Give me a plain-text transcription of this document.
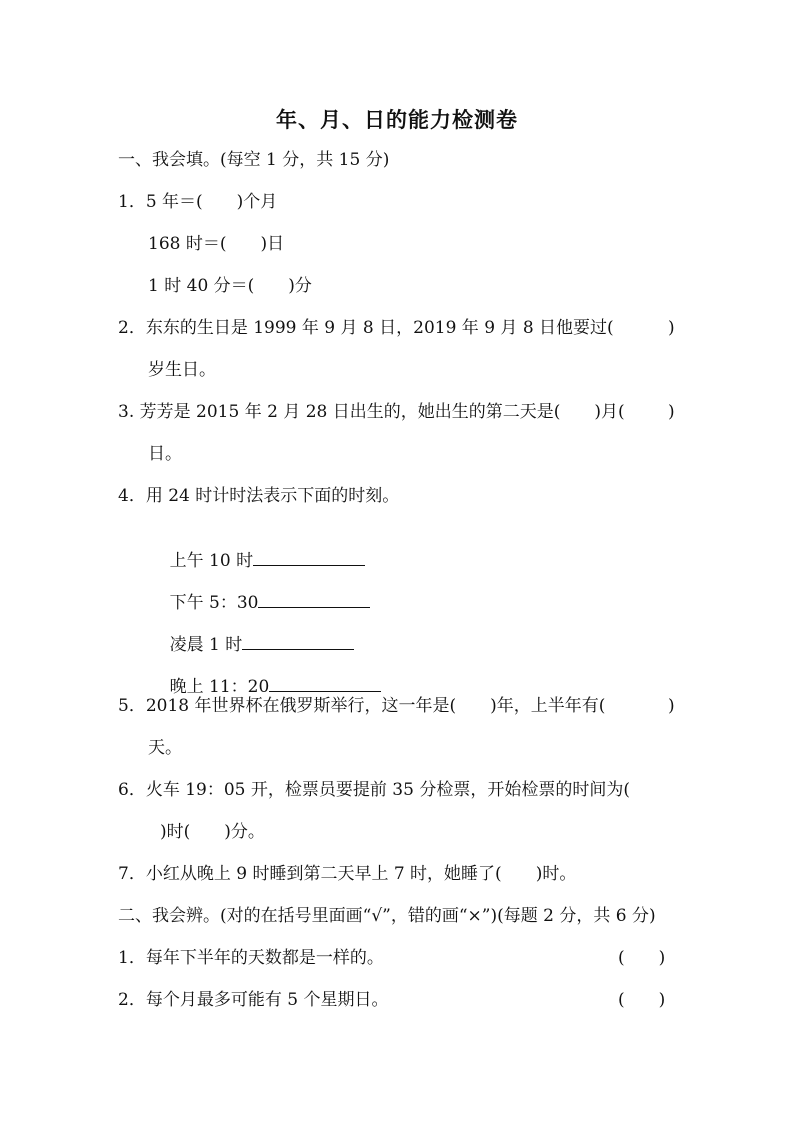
年、月、日的能力检测卷
一、我会填。(每空 1 分，共 15 分)
1．5 年＝(　　)个月
168 时＝(　　)日
1 时 40 分＝(　　)分
2．东东的生日是 1999 年 9 月 8 日，2019 年 9 月 8 日他要过(	)
岁生日。
3. 芳芳是 2015 年 2 月 28 日出生的，她出生的第二天是(　　)月(	)
日。
4．用 24 时计时法表示下面的时刻。

上午 10 时

下午 5：30

凌晨 1 时

晚上 11：20

5．2018 年世界杯在俄罗斯举行，这一年是(　　)年，上半年有(	)
天。
6．火车 19：05 开，检票员要提前 35 分检票，开始检票的时间为(
)时(　　)分。
7．小红从晚上 9 时睡到第二天早上 7 时，她睡了(　　)时。
二、我会辨。(对的在括号里面画“√”，错的画“×”)(每题 2 分，共 6 分)
1．每年下半年的天数都是一样的。	(　　)
2．每个月最多可能有 5 个星期日。	(　　)
